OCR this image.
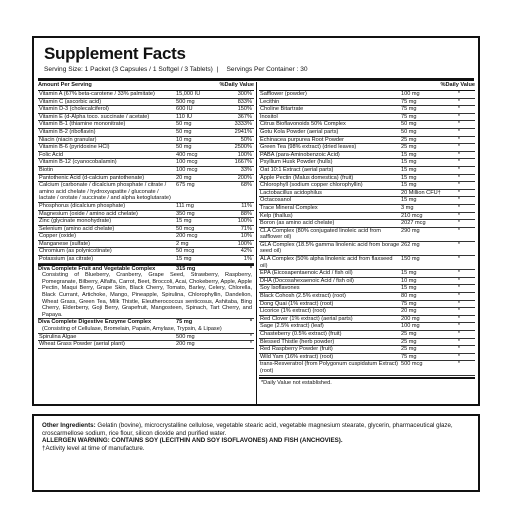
Supplement Facts
Serving Size: 1 Packet (3 Capsules / 1 Softgel / 3 Tablets)  |  Servings Per Container : 30
Amount Per Serving	%Daily Value
Vitamin A (67% beta-carotene / 33% palmitate)	15,000 IU	300%
Vitamin C (ascorbic acid)	500 mg	833%
Vitamin D-3 (cholecalciferol)	600 IU	150%
Vitamin E (d-Alpha toco. succinate / acetate)	110 IU	367%
Vitamin B-1 (thiamine mononitrate)	50 mg	3333%
Vitamin B-2 (riboflavin)	50 mg	2941%
Niacin (niacin granular)	10 mg	50%
Vitamin B-6 (pyridoxine HCl)	50 mg	2500%
Folic Acid	400 mcg	100%
Vitamin B-12 (cyanocobalamin)	100 mcg	1667%
Biotin	100 mcg	33%
Pantothenic Acid (d-calcium pantothenate)	20 mg	200%
Calcium (carbonate / dicalcium phosphate / citrate / amino acid chelate / hydroxyapatite / gluconate / lactate / orotate / succinate / and alpha ketoglutarate)
675 mg	68%
Phosphorus (dicalcium phosphate)	111 mg	11%
Magnesium (oxide / amino acid chelate)	350 mg	88%
Zinc (glycinate monohydrate)	15 mg	100%
Selenium (amino acid chelate)	50 mcg	71%
Copper (oxide)	200 mcg	10%
Manganese (sulfate)	2 mg	100%
Chromium (as polynicotinate)	50 mcg	42%
Potassium (as citrate)	15 mg	1%
Diva Complete Fruit and Vegetable Complex	315 mg	*
Consisting of Blueberry, Cranberry, Grape Seed, Strawberry, Raspberry, Pomegranate, Bilberry, Alfalfa, Carrot, Beet, Broccoli, Acai, Chokeberry, Apple, Apple Pectin, Maqui Berry, Grape Skin, Black Cherry, Tomato, Barley, Celery, Chlorella, Black Currant, Artichoke, Mango, Pineapple, Spirulina, Chlorophyllin, Dandelion, Wheat Grass, Green Tea, Milk Thistle, Eleutherococcus senticosus, Ashitaba, Bing Cherry, Elderberry, Goji Berry, Grapefruit, Mangosteen, Spinach, Tart Cherry, and Papaya.
Diva Complete Digestive Enzyme Complex	75 mg	*
(Consisting of Cellulase, Bromelain, Papain, Amylase, Trypsin, & Lipase)
Spirulina Algae	500 mg	*
Wheat Grass Powder (aerial plant)	200 mg	*
%Daily Value
Safflower (powder)	100 mg	*
Lecithin	75 mg	*
Choline Bitartrate	75 mg	*
Inositol	75 mg	*
Citrus Bioflavonoids 50% Complex	50 mg	*
Gotu Kola Powder (aerial parts)	50 mg	*
Echinacea purpurea Root Powder	25 mg	*
Green Tea (98% extract) (dried leaves)	25 mg	*
PABA (para-Aminobenzoic Acid)	15 mg	*
Psyllium Husk Powder (hulls)	15 mg	*
Oat 10:1 Extract (aerial parts)	15 mg	*
Apple Pectin (Malus domestica) (fruit)	15 mg	*
Chlorophyll (sodium copper chlorophyllin)	15 mg	*
Lactobacillus acidophilus	20 Million CFU†	*
Octacosanol	15 mg	*
Trace Mineral Complex	3 mg	*
Kelp (thallus)	210 mcg	*
Boron (as amino acid chelate)	2027 mcg	*
CLA Complex (80% conjugated linoleic acid from safflower oil)
290 mg	*
GLA Complex (18.5% gamma linolenic acid from borage seed oil)
262 mg	*
ALA Complex (50% alpha linolenic acid from flaxseed oil)
150 mg	*
EPA (Eicosapentaenoic Acid / fish oil)	15 mg	*
DHA (Docosahexaenoic Acid / fish oil)	10 mg	*
Soy Isoflavones	15 mg	*
Black Cohosh (2.5% extract) (root)	80 mg	*
Dong Quai (1% extract) (root)	75 mg	*
Licorice (1% extract) (root)	20 mg	*
Red Clover (1% extract) (aerial parts)	200 mg	*
Sage (2.5% extract) (leaf)	100 mg	*
Chasteberry (0.5% extract) (fruit)	25 mg	*
Blessed Thistle (herb powder)	25 mg	*
Red Raspberry Powder (fruit)	25 mg	*
Wild Yam (16% extract) (root)	75 mg	*
trans-Resveratrol (from Polygonum cuspidatum Extract) (root)
500 mcg	*
*Daily Value not established.
Other Ingredients: Gelatin (bovine), microcrystalline cellulose, vegetable stearic acid, vegetable magnesium stearate, glycerin, pharmaceutical glaze, croscarmellose sodium, rice flour, silicon dioxide and purified water.
ALLERGEN WARNING: CONTAINS SOY (LECITHIN AND SOY ISOFLAVONES) AND FISH (ANCHOVIES).
†Activity level at time of manufacture.
